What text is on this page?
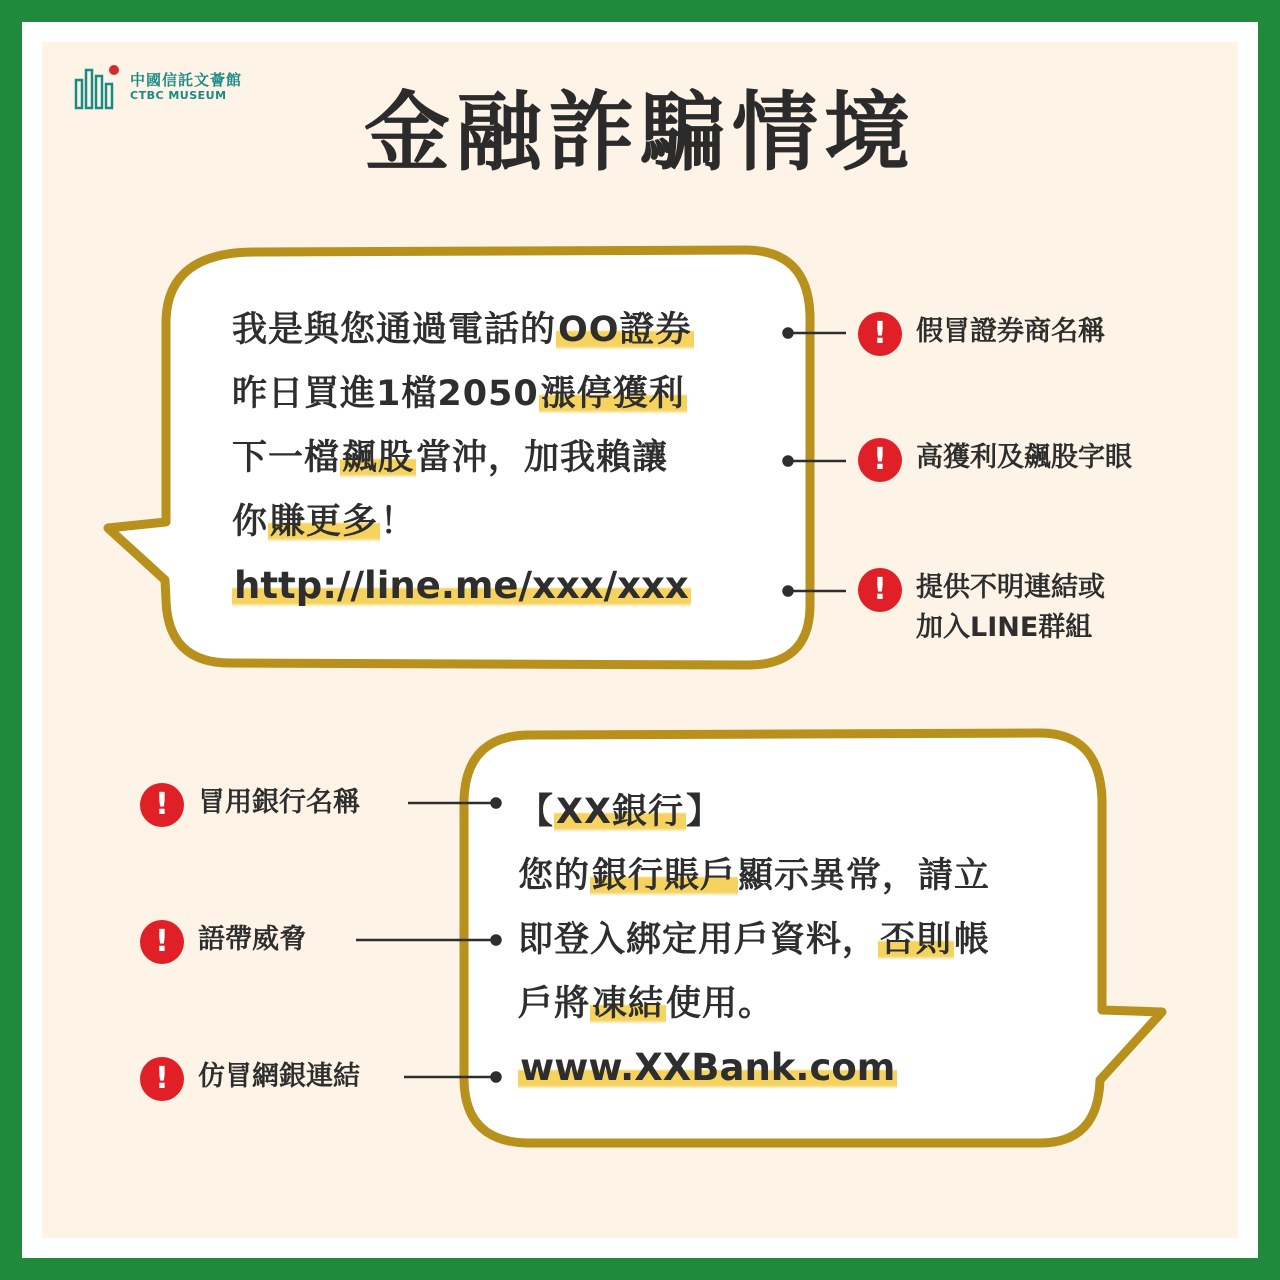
中國信託文薈館
CTBC MUSEUM	金融詐騙情境
我是與您通過電話的OO證券
昨日買進1檔2050漲停獲利
下一檔飆股當沖，加我賴讓
你賺更多！
http://line.me/xxx/xxx
【XX銀行】
您的銀行賬戶顯示異常，請立
即登入綁定用戶資料，否則帳
戶將凍結使用。
www.XXBank.com
!	假冒證券商名稱
!	高獲利及飆股字眼
!	提供不明連結或
加入LINE群組
!	冒用銀行名稱
!	語帶威脅
!	仿冒網銀連結
